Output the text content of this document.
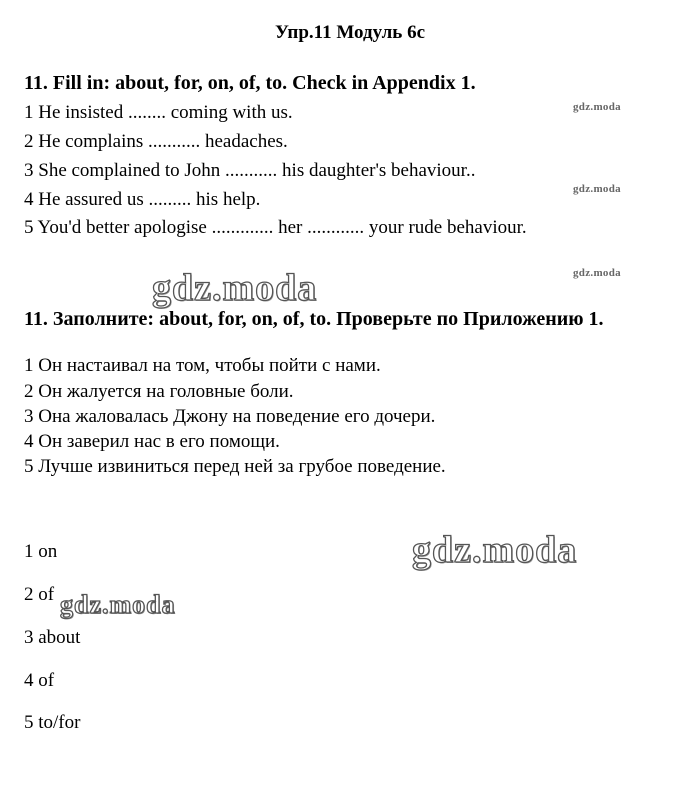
Упр.11 Модуль 6с
11. Fill in: about, for, on, of, to. Check in Appendix 1.
1 He insisted ........ coming with us.
2 He complains ........... headaches.
3 She complained to John ........... his daughter's behaviour..
4 He assured us ......... his help.
5 You'd better apologise ............. her ............ your rude behaviour.
11. Заполните: about, for, on, of, to. Проверьте по Приложению 1.
1 Он настаивал на том, чтобы пойти с нами.
2 Он жалуется на головные боли.
3 Она жаловалась Джону на поведение его дочери.
4 Он заверил нас в его помощи.
5 Лучше извиниться перед ней за грубое поведение.
1 on
2 of
3 about
4 of
5 to/for
gdz.moda
gdz.moda
gdz.moda
gdz.moda
gdz.moda
gdz.moda
